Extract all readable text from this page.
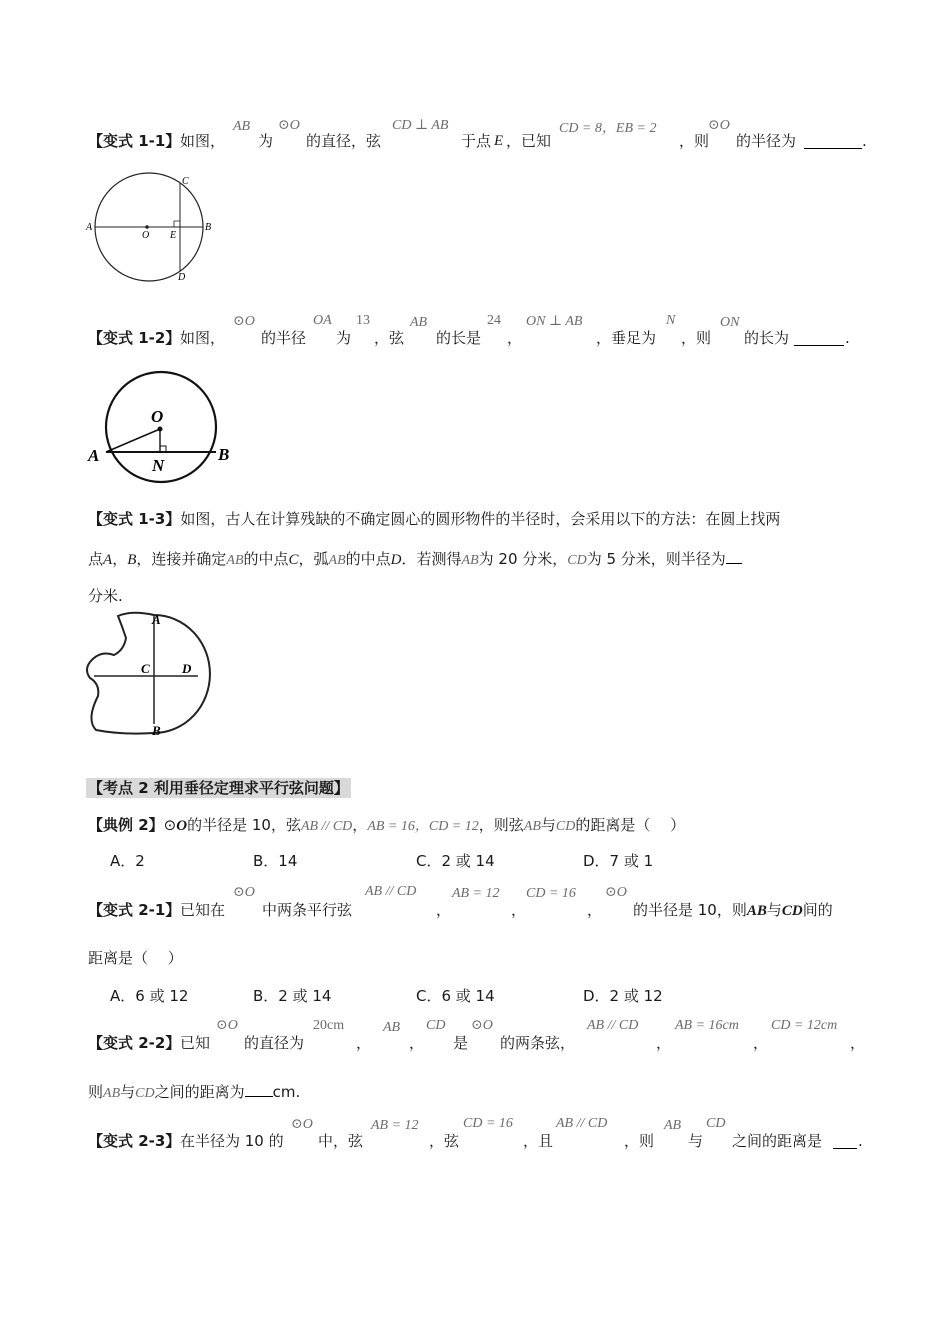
【变式 1-1】 如图，
AB
为
⊙O
的直径，弦
CD ⊥ AB
于点 E ，已知
CD = 8，EB = 2
，则
⊙O
的半径为	.
A	B
C
D
O E
【变式 1-2】 如图，
⊙O
的半径
OA
为
13
，弦
AB
的长是
24
，
ON ⊥ AB
，垂足为
N
，则
ON
的长为	.
O
A	B
N
【变式 1-3】如图，古人在计算残缺的不确定圆心的圆形物件的半径时，会采用以下的方法：在圆上找两
点A，B，连接并确定AB的中点C，弧AB的中点D．若测得AB为 20 分米，CD为 5 分米，则半径为
分米.
A
B
C D
【考点 2 利用垂径定理求平行弦问题】
【典例 2】⊙O的半径是 10，弦AB // CD，AB = 16，CD = 12，则弦AB与CD的距离是（　 ）
A．2	B．14	C．2 或 14	D．7 或 1
【变式 2-1】 已知在
⊙O
中两条平行弦
AB // CD
，
AB = 12
，
CD = 16
，
⊙O
的半径是 10，则AB与CD间的
距离是（　 ）
A．6 或 12	B．2 或 14	C．6 或 14	D．2 或 12
【变式 2-2】 已知
⊙O
的直径为
20cm
，
AB
，
CD
是
⊙O
的两条弦，
AB // CD
，
AB = 16cm
，
CD = 12cm
，
则AB与CD之间的距离为 cm.
【变式 2-3】 在半径为 10 的
⊙O
中，弦
AB = 12
，弦
CD = 16
，且
AB // CD
，则
AB
与
CD
之间的距离是 .
